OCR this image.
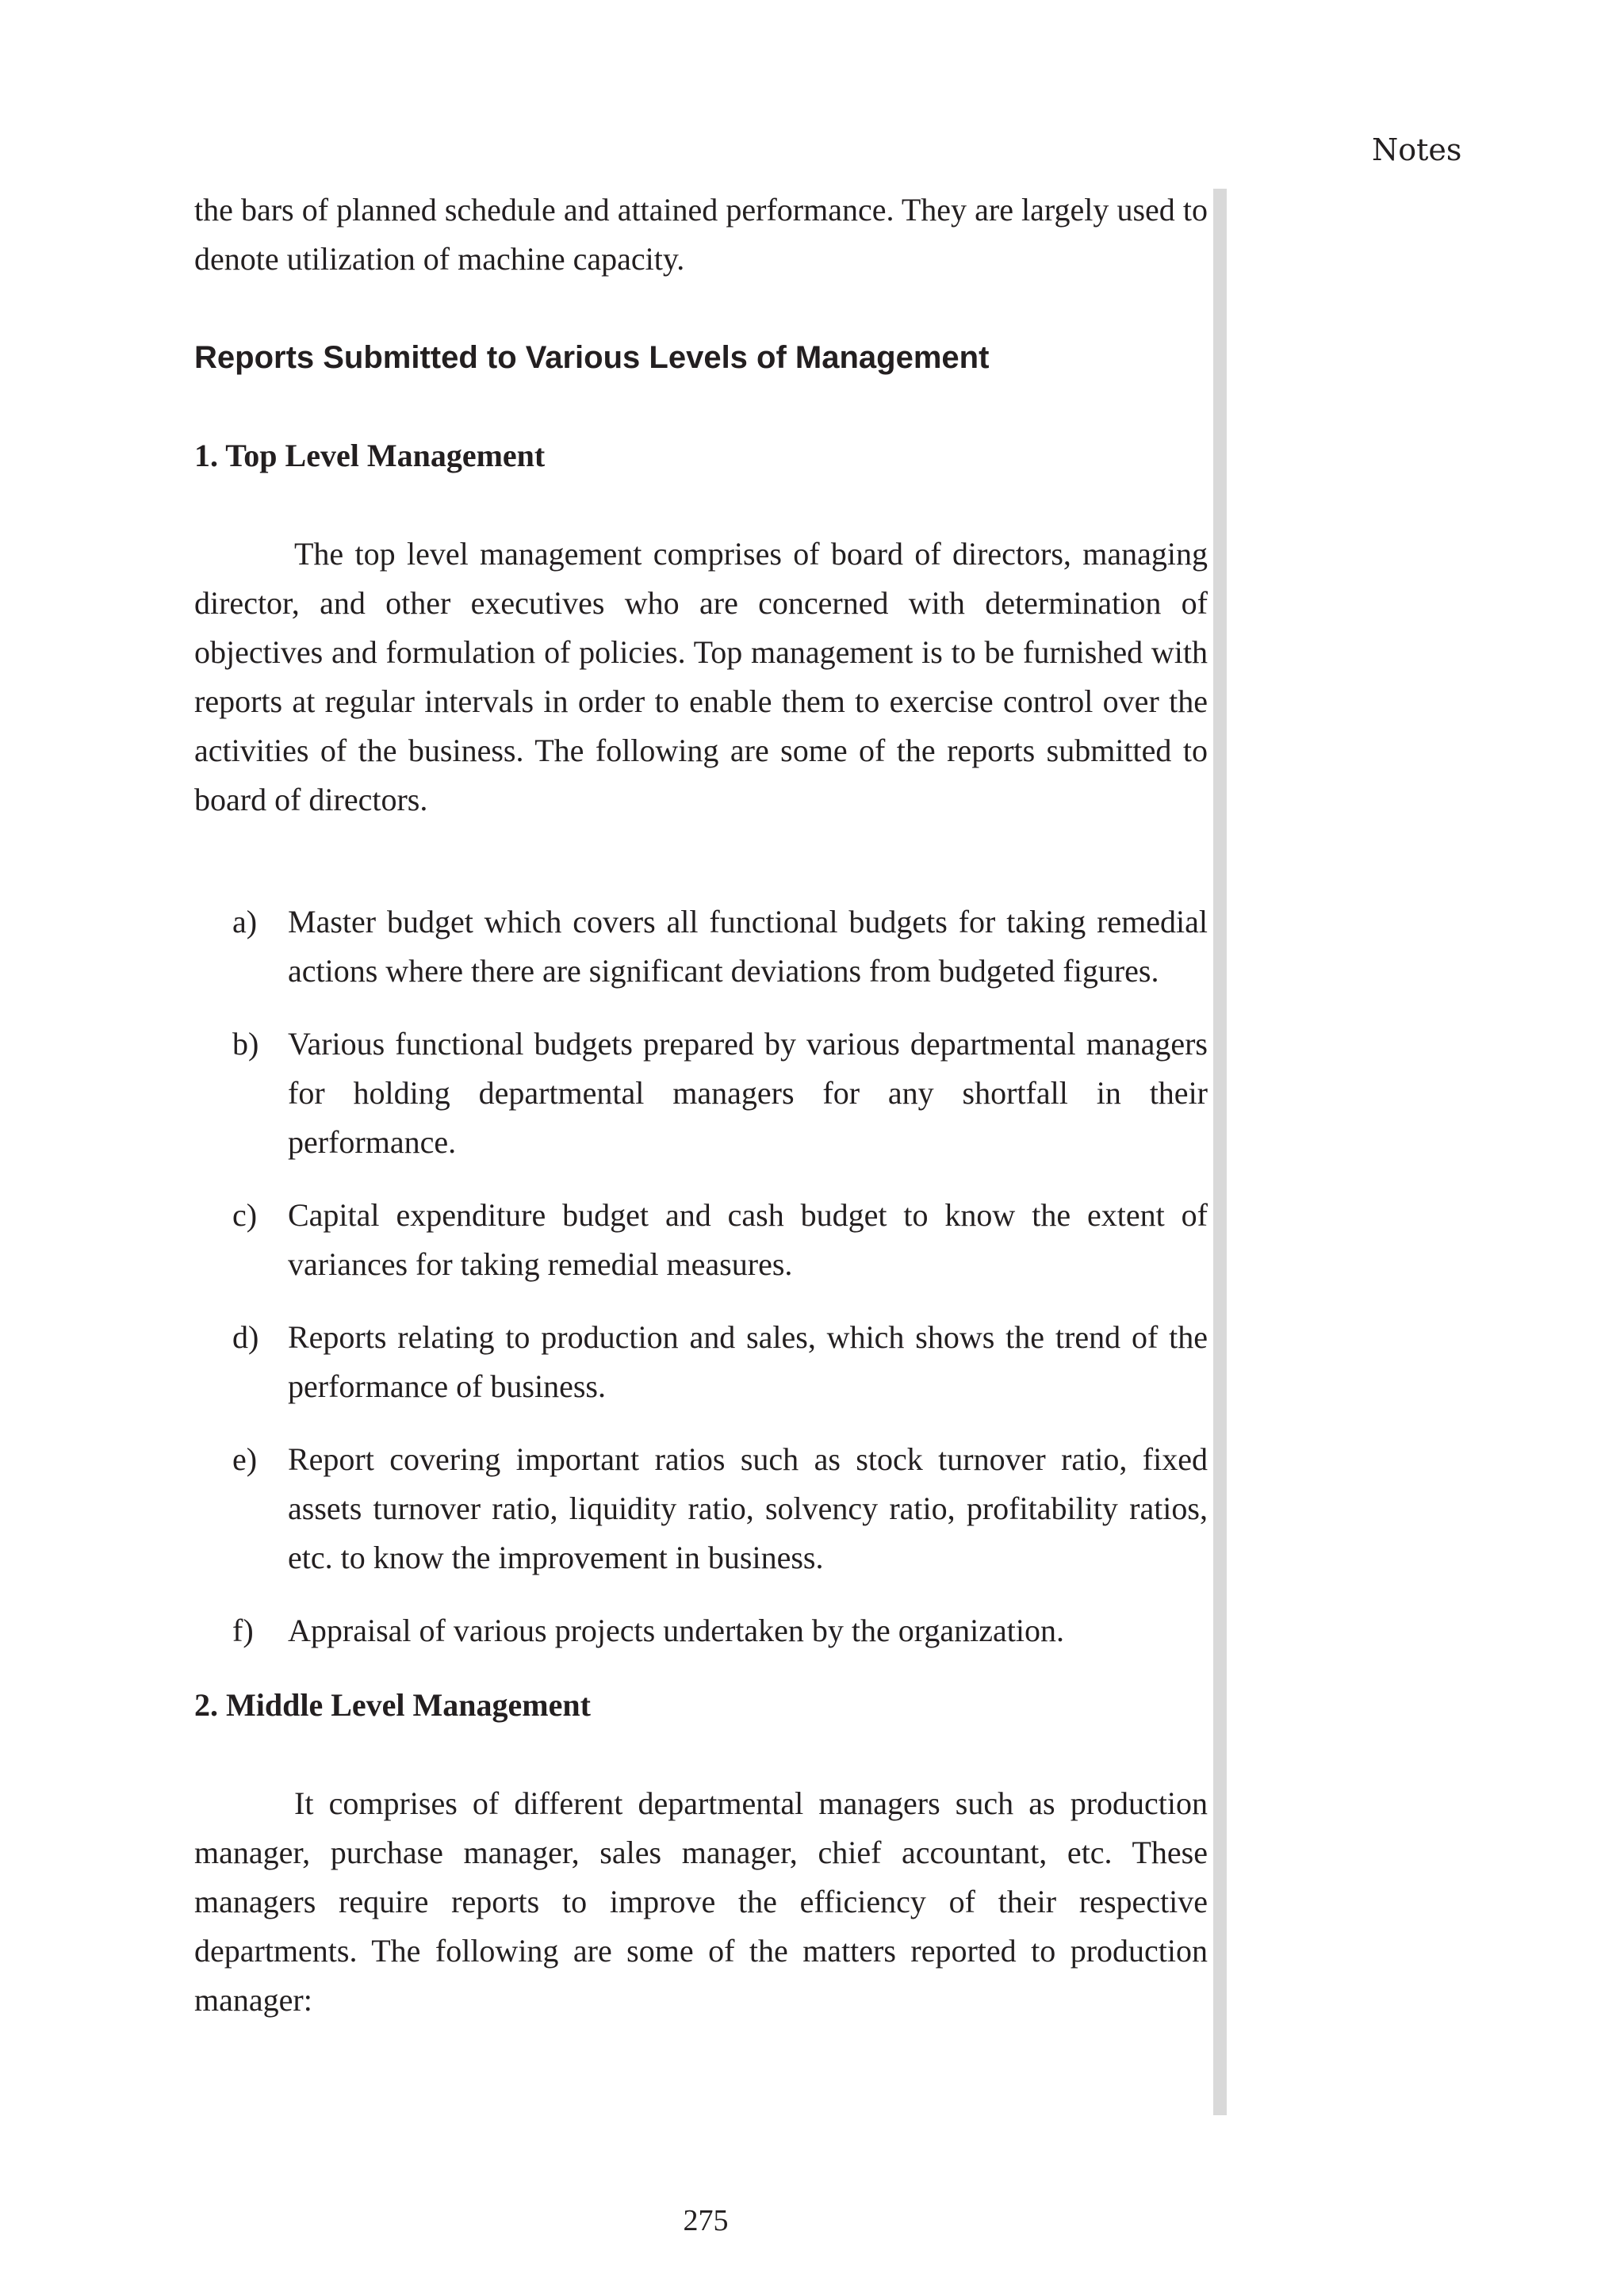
Notes

the bars of planned schedule and attained performance. They are largely used to denote utilization of machine capacity.

Reports Submitted to Various Levels of Management
1. Top Level Management

The top level management comprises of board of directors, managing director, and other executives who are concerned with determination of objectives and formulation of policies. Top management is to be furnished with reports at regular intervals in order to enable them to exercise control over the activities of the business. The following are some of the reports submitted to board of directors.

a) Master budget which covers all functional budgets for taking remedial actions where there are significant deviations from budgeted figures.
b) Various functional budgets prepared by various departmental managers for holding departmental managers for any shortfall in their performance.
c) Capital expenditure budget and cash budget to know the extent of variances for taking remedial measures.
d) Reports relating to production and sales, which shows the trend of the performance of business.
e) Report covering important ratios such as stock turnover ratio, fixed assets turnover ratio, liquidity ratio, solvency ratio, profitability ratios, etc. to know the improvement in business.
f) Appraisal of various projects undertaken by the organization.
2. Middle Level Management

It comprises of different departmental managers such as production manager, purchase manager, sales manager, chief accountant, etc. These managers require reports to improve the efficiency of their respective departments. The following are some of the matters reported to production manager:

275
